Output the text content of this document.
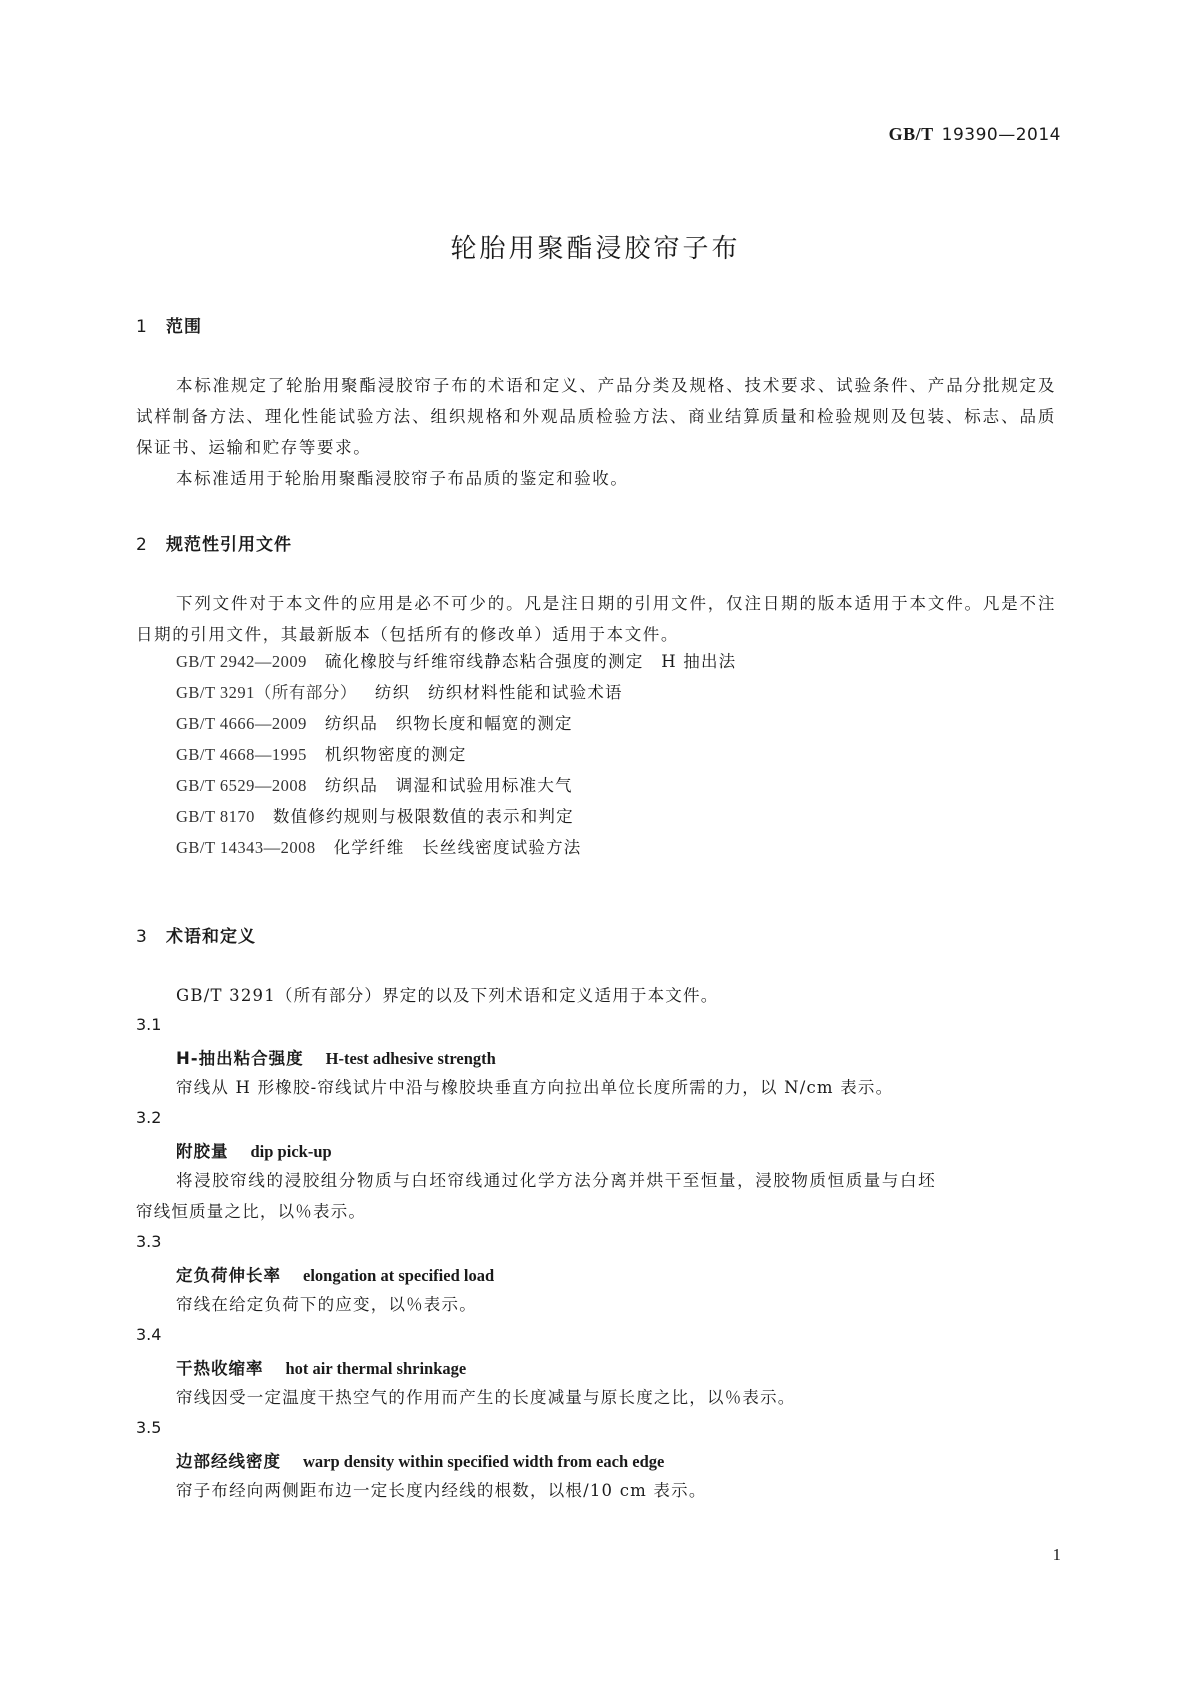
GB/T 19390—2014
轮胎用聚酯浸胶帘子布
1 范围
本标准规定了轮胎用聚酯浸胶帘子布的术语和定义、产品分类及规格、技术要求、试验条件、产品分批规定及试样制备方法、理化性能试验方法、组织规格和外观品质检验方法、商业结算质量和检验规则及包装、标志、品质保证书、运输和贮存等要求。
本标准适用于轮胎用聚酯浸胶帘子布品质的鉴定和验收。
2 规范性引用文件
下列文件对于本文件的应用是必不可少的。凡是注日期的引用文件，仅注日期的版本适用于本文件。凡是不注日期的引用文件，其最新版本（包括所有的修改单）适用于本文件。
GB/T 2942—2009 硫化橡胶与纤维帘线静态粘合强度的测定　H 抽出法
GB/T 3291（所有部分） 纺织　纺织材料性能和试验术语
GB/T 4666—2009 纺织品　织物长度和幅宽的测定
GB/T 4668—1995 机织物密度的测定
GB/T 6529—2008 纺织品　调湿和试验用标准大气
GB/T 8170 数值修约规则与极限数值的表示和判定
GB/T 14343—2008 化学纤维　长丝线密度试验方法
3 术语和定义
GB/T 3291（所有部分）界定的以及下列术语和定义适用于本文件。
3.1
H-抽出粘合强度 H-test adhesive strength
帘线从 H 形橡胶-帘线试片中沿与橡胶块垂直方向拉出单位长度所需的力，以 N/cm 表示。
3.2
附胶量 dip pick-up
将浸胶帘线的浸胶组分物质与白坯帘线通过化学方法分离并烘干至恒量，浸胶物质恒质量与白坯
帘线恒质量之比，以％表示。
3.3
定负荷伸长率 elongation at specified load
帘线在给定负荷下的应变，以％表示。
3.4
干热收缩率 hot air thermal shrinkage
帘线因受一定温度干热空气的作用而产生的长度减量与原长度之比，以％表示。
3.5
边部经线密度 warp density within specified width from each edge
帘子布经向两侧距布边一定长度内经线的根数，以根/10 cm 表示。
1
